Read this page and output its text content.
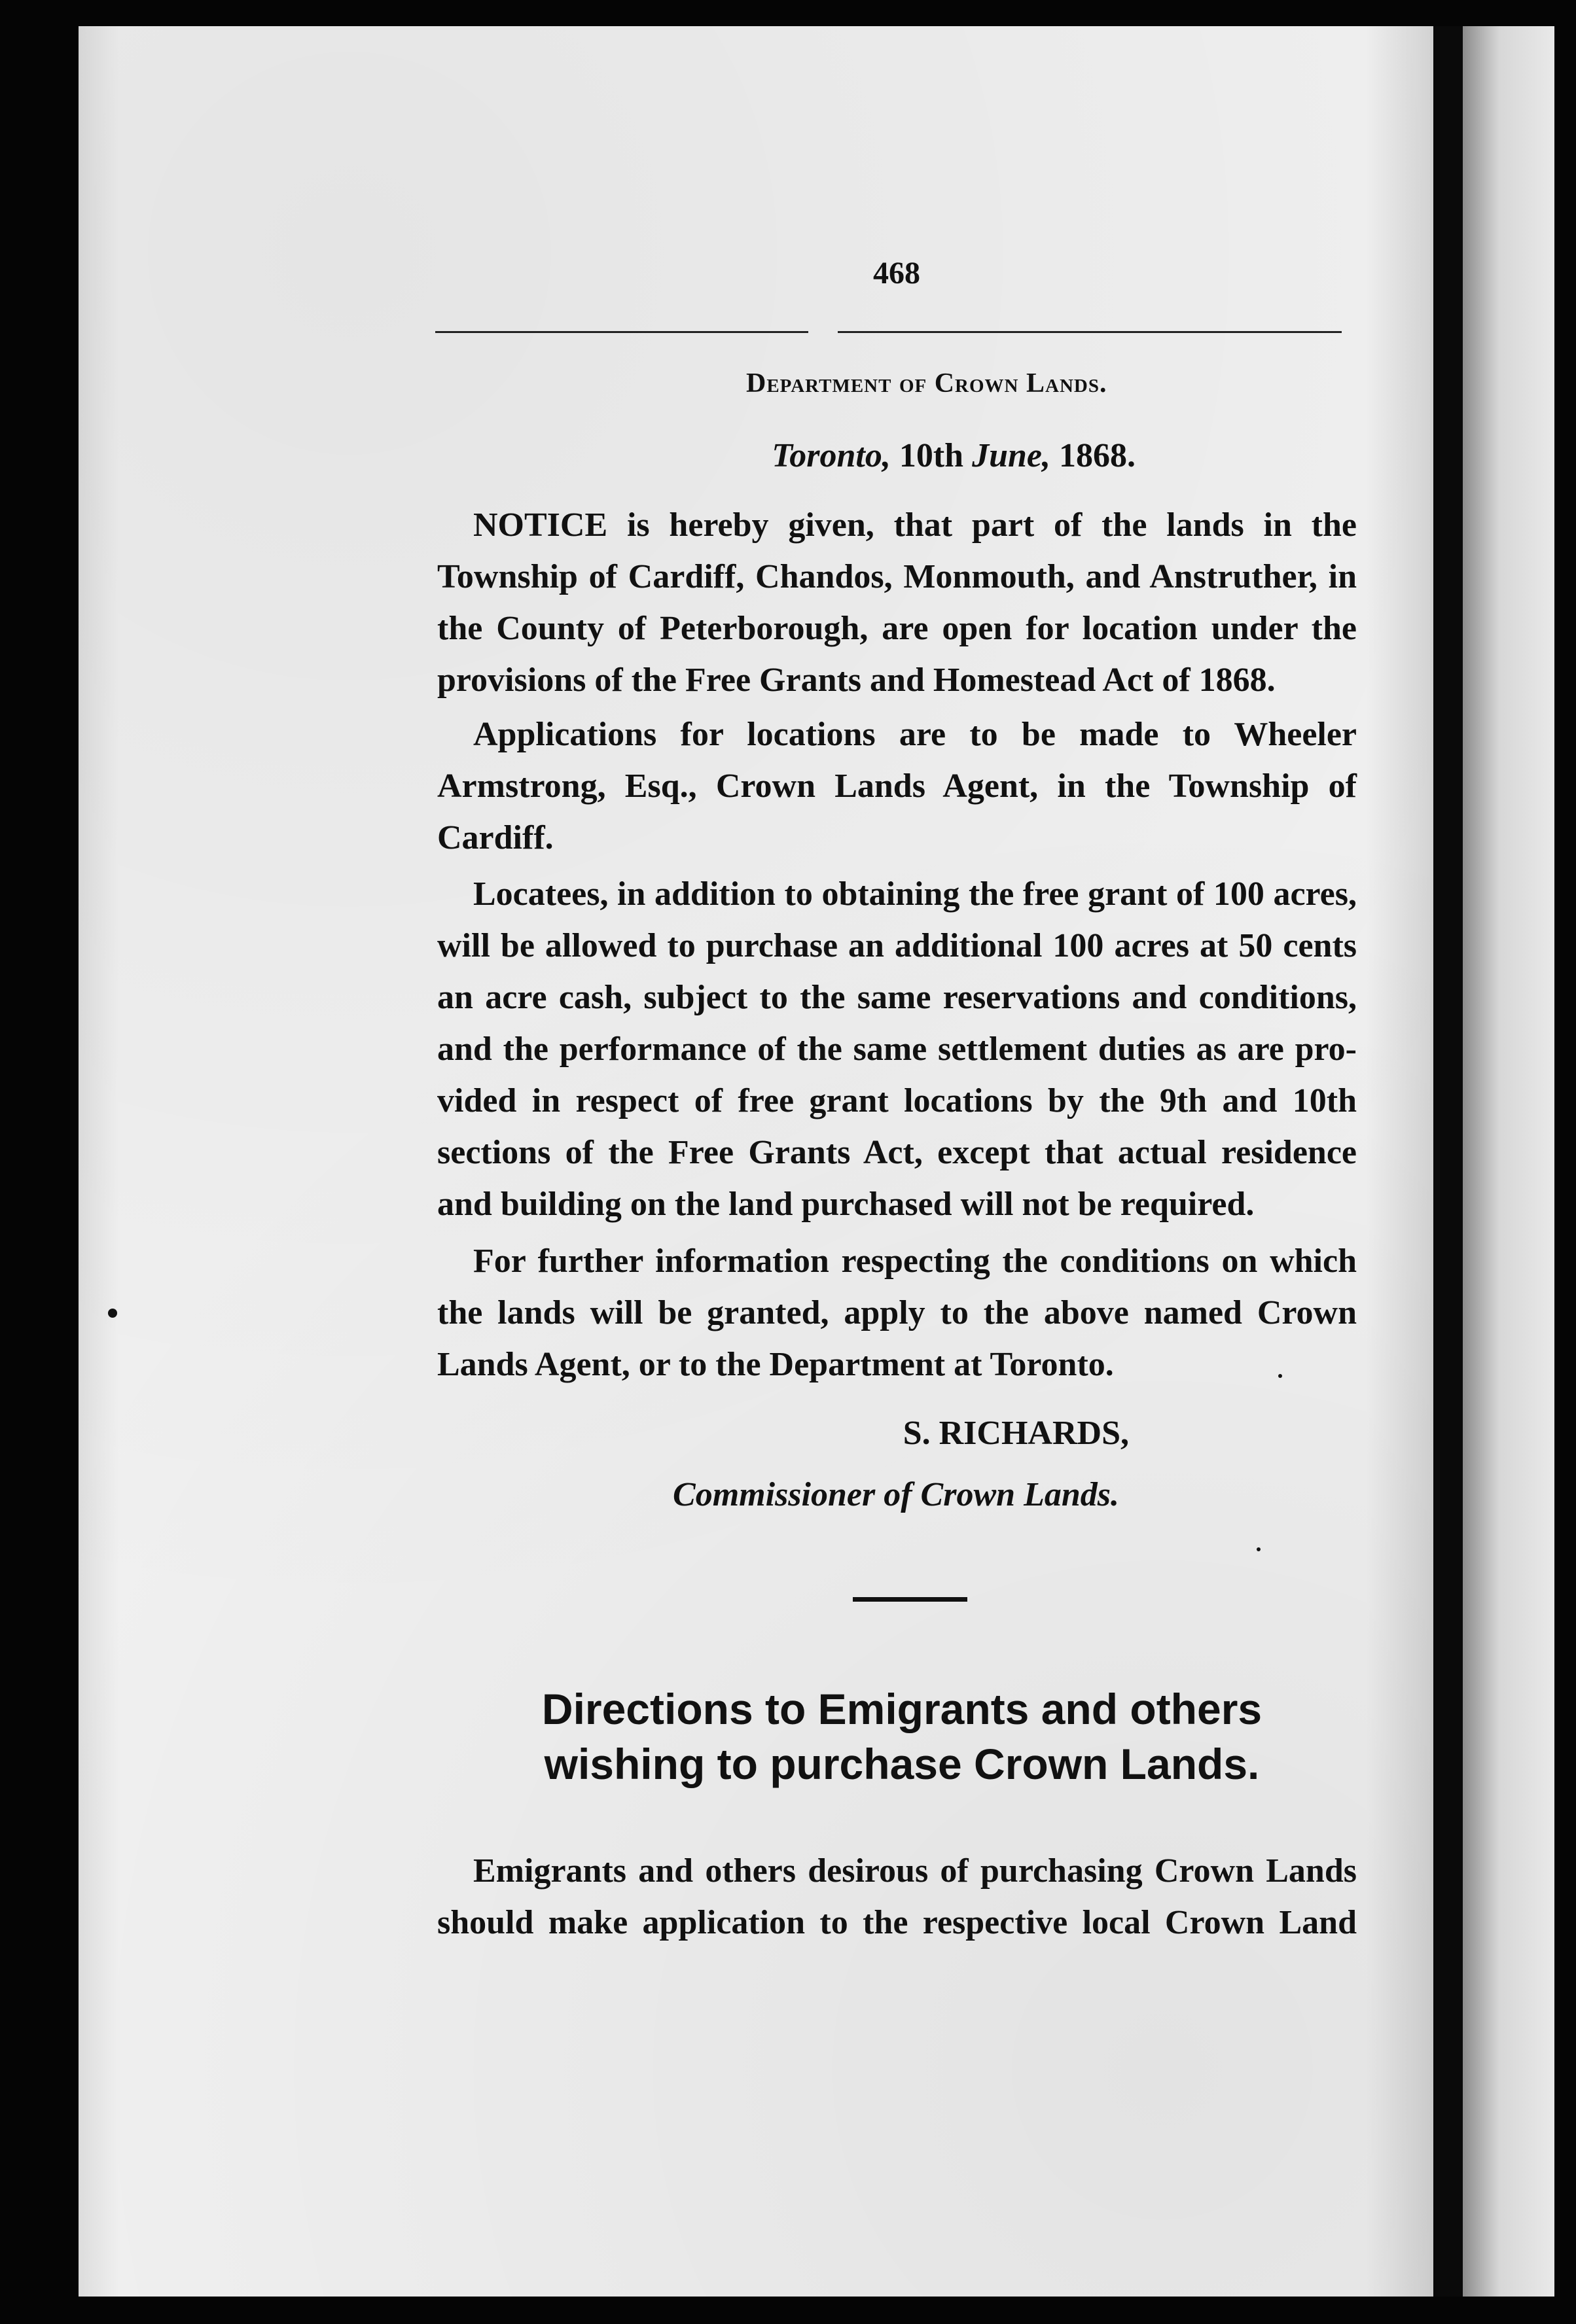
468
Department of Crown Lands.
Toronto, 10th June, 1868.

NOTICE is hereby given, that part of the lands in the
Township of Cardiff, Chandos, Monmouth, and Anstruther, in
the County of Peterborough, are open for location under the
provisions of the Free Grants and Homestead Act of 1868.

Applications for locations are to be made to Wheeler
Armstrong, Esq., Crown Lands Agent, in the Township of
Cardiff.

Locatees, in addition to obtaining the free grant of 100 acres,
will be allowed to purchase an additional 100 acres at 50 cents
an acre cash, subject to the same reservations and conditions,
and the performance of the same settlement duties as are pro-
vided in respect of free grant locations by the 9th and 10th
sections of the Free Grants Act, except that actual residence
and building on the land purchased will not be required.

For further information respecting the conditions on which
the lands will be granted, apply to the above named Crown
Lands Agent, or to the Department at Toronto.

S. RICHARDS,
Commissioner of Crown Lands.
Directions to Emigrants and others
wishing to purchase Crown Lands.

Emigrants and others desirous of purchasing Crown Lands
should make application to the respective local Crown Land
